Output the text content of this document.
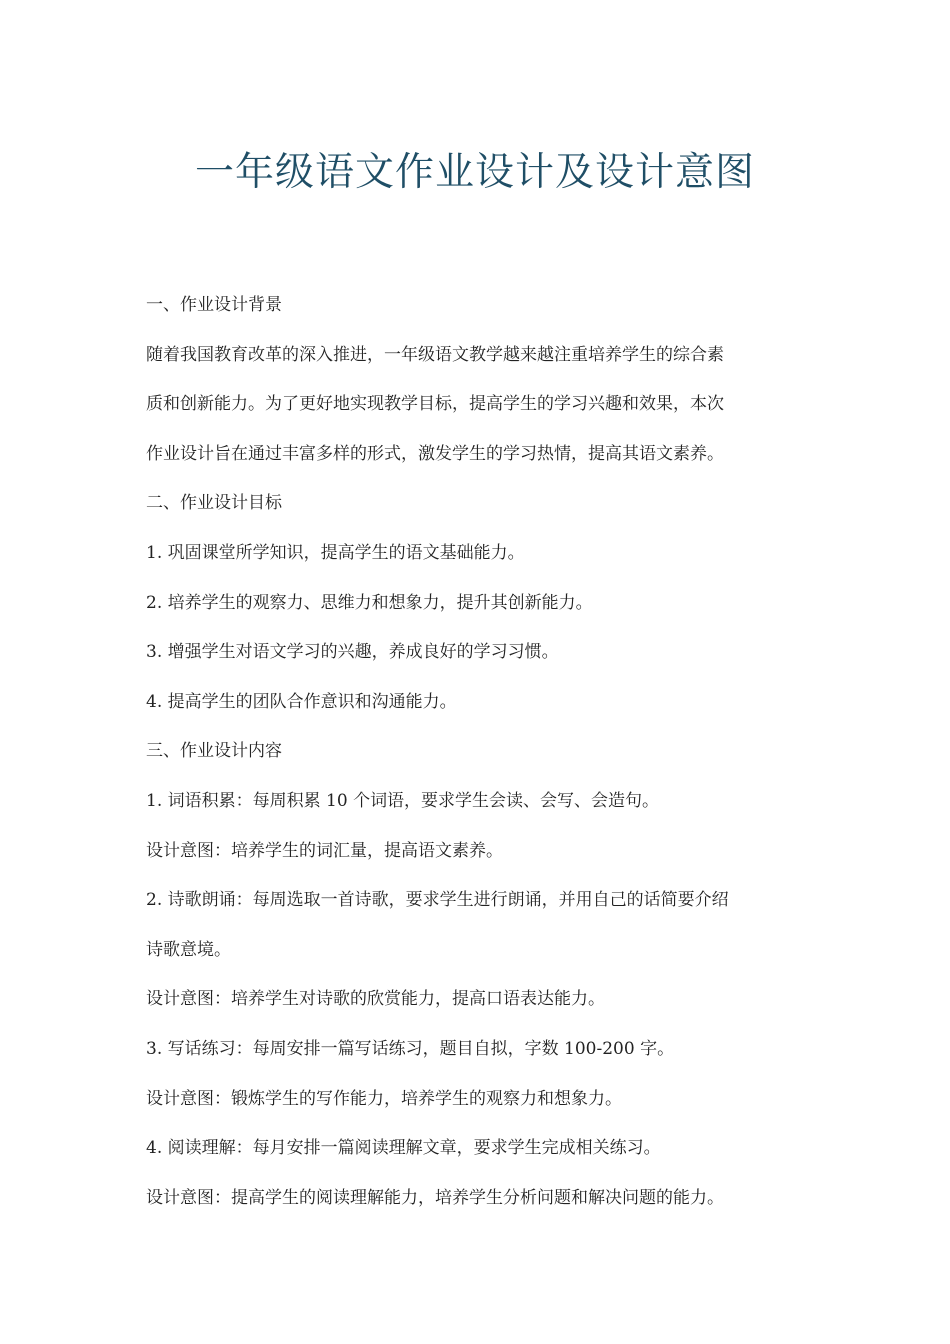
一年级语文作业设计及设计意图
一、作业设计背景
随着我国教育改革的深入推进，一年级语文教学越来越注重培养学生的综合素
质和创新能力。为了更好地实现教学目标，提高学生的学习兴趣和效果，本次
作业设计旨在通过丰富多样的形式，激发学生的学习热情，提高其语文素养。
二、作业设计目标
1. 巩固课堂所学知识，提高学生的语文基础能力。
2. 培养学生的观察力、思维力和想象力，提升其创新能力。
3. 增强学生对语文学习的兴趣，养成良好的学习习惯。
4. 提高学生的团队合作意识和沟通能力。
三、作业设计内容
1. 词语积累：每周积累 10 个词语，要求学生会读、会写、会造句。
设计意图：培养学生的词汇量，提高语文素养。
2. 诗歌朗诵：每周选取一首诗歌，要求学生进行朗诵，并用自己的话简要介绍
诗歌意境。
设计意图：培养学生对诗歌的欣赏能力，提高口语表达能力。
3. 写话练习：每周安排一篇写话练习，题目自拟，字数 100-200 字。
设计意图：锻炼学生的写作能力，培养学生的观察力和想象力。
4. 阅读理解：每月安排一篇阅读理解文章，要求学生完成相关练习。
设计意图：提高学生的阅读理解能力，培养学生分析问题和解决问题的能力。
